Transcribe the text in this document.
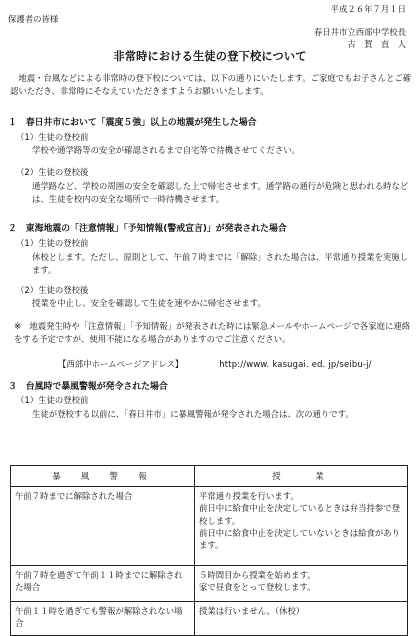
平成２６年７月１日
保護者の皆様
春日井市立西部中学校長
古　賀　直　人
非常時における生徒の登下校について
　地震・台風などによる非常時の登下校については、以下の通りにいたします。ご家庭でもお子さんとご確認いただき、非常時にそなえていただきますようお願いいたします。
１　春日井市において「震度５強」以上の地震が発生した場合
（1）生徒の登校前
学校や通学路等の安全が確認されるまで自宅等で待機させてください。
（2）生徒の登校後
通学路など、学校の周囲の安全を確認した上で帰宅させます。通学路の通行が危険と思われる時などは、生徒を校内の安全な場所で一時待機させます。
２　東海地震の「注意情報」「予知情報(警戒宣言)」が発表された場合
（1）生徒の登校前
休校とします。ただし、原則として、午前７時までに「解除」された場合は、平常通り授業を実施します。
（2）生徒の登校後
授業を中止し、安全を確認して生徒を速やかに帰宅させます。
※　地震発生時や「注意情報」「予知情報」が発表された時には緊急メールやホームページで各家庭に連絡をする予定ですが、使用不能になる場合がありますのでご注意ください。
【西部中ホームページアドレス】	http://www. kasugai. ed. jp/seibu-j/
３　台風時で暴風警報が発令された場合
（1）生徒の登校前
生徒が登校する以前に、「春日井市」に暴風警報が発令された場合は、次の通りです。
暴　風　警　報	授　　業
午前７時までに解除された場合	平常通り授業を行います。
前日中に給食中止を決定しているときは弁当持参で登校します。
前日中に給食中止を決定していないときは給食があります。

午前７時を過ぎて午前１１時までに解除された場合	５時間目から授業を始めます。
家で昼食をとって登校します。

午前１１時を過ぎても警報が解除されない場合	授業は行いません。（休校）
